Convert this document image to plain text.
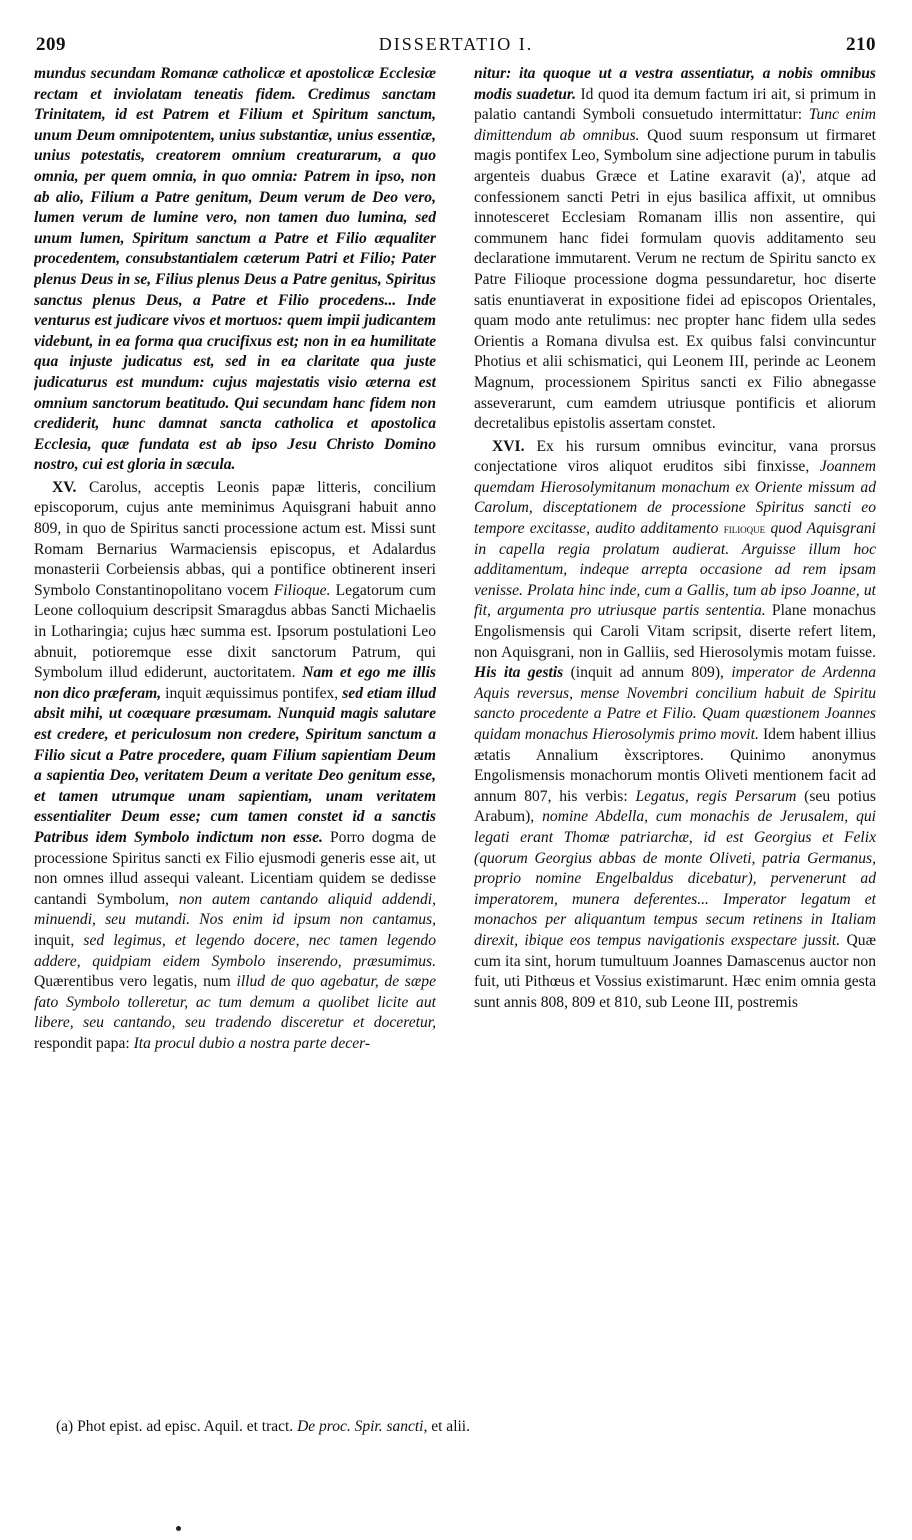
209	DISSERTATIO I.	210

mundus secundam Romanæ catholicæ et apostolicæ Ecclesiæ rectam et inviolatam teneatis fidem. Credimus sanctam Trinitatem, id est Patrem et Filium et Spiritum sanctum, unum Deum omnipotentem, unius substantiæ, unius essentiæ, unius potestatis, creatorem omnium creaturarum, a quo omnia, per quem omnia, in quo omnia: Patrem in ipso, non ab alio, Filium a Patre genitum, Deum verum de Deo vero, lumen verum de lumine vero, non tamen duo lumina, sed unum lumen, Spiritum sanctum a Patre et Filio æqualiter procedentem, consubstantialem cæterum Patri et Filio; Pater plenus Deus in se, Filius plenus Deus a Patre genitus, Spiritus sanctus plenus Deus, a Patre et Filio procedens... Inde venturus est judicare vivos et mortuos: quem impii judicantem videbunt, in ea forma qua crucifixus est; non in ea humilitate qua injuste judicatus est, sed in ea claritate qua juste judicaturus est mundum: cujus majestatis visio æterna est omnium sanctorum beatitudo. Qui secundam hanc fidem non crediderit, hunc damnat sancta catholica et apostolica Ecclesia, quæ fundata est ab ipso Jesu Christo Domino nostro, cui est gloria in sæcula.

XV. Carolus, acceptis Leonis papæ litteris, concilium episcoporum, cujus ante meminimus Aquisgrani habuit anno 809, in quo de Spiritus sancti processione actum est. Missi sunt Romam Bernarius Warmaciensis episcopus, et Adalardus monasterii Corbeiensis abbas, qui a pontifice obtinerent inseri Symbolo Constantinopolitano vocem Filioque. Legatorum cum Leone colloquium descripsit Smaragdus abbas Sancti Michaelis in Lotharingia; cujus hæc summa est. Ipsorum postulationi Leo abnuit, potioremque esse dixit sanctorum Patrum, qui Symbolum illud ediderunt, auctoritatem. Nam et ego me illis non dico præferam, inquit æquissimus pontifex, sed etiam illud absit mihi, ut coæquare præsumam. Nunquid magis salutare est credere, et periculosum non credere, Spiritum sanctum a Filio sicut a Patre procedere, quam Filium sapientiam Deum a sapientia Deo, veritatem Deum a veritate Deo genitum esse, et tamen utrumque unam sapientiam, unam veritatem essentialiter Deum esse; cum tamen constet id a sanctis Patribus idem Symbolo indictum non esse. Porro dogma de processione Spiritus sancti ex Filio ejusmodi generis esse ait, ut non omnes illud assequi valeant. Licentiam quidem se dedisse cantandi Symbolum, non autem cantando aliquid addendi, minuendi, seu mutandi. Nos enim id ipsum non cantamus, inquit, sed legimus, et legendo docere, nec tamen legendo addere, quidpiam eidem Symbolo inserendo, præsumimus. Quærentibus vero legatis, num illud de quo agebatur, de sæpe fato Symbolo tolleretur, ac tum demum a quolibet licite aut libere, seu cantando, seu tradendo disceretur et doceretur, respondit papa: Ita procul dubio a nostra parte decer-

nitur: ita quoque ut a vestra assentiatur, a nobis omnibus modis suadetur. Id quod ita demum factum iri ait, si primum in palatio cantandi Symboli consuetudo intermittatur: Tunc enim dimittendum ab omnibus. Quod suum responsum ut firmaret magis pontifex Leo, Symbolum sine adjectione purum in tabulis argenteis duabus Græce et Latine exaravit (a)', atque ad confessionem sancti Petri in ejus basilica affixit, ut omnibus innotesceret Ecclesiam Romanam illis non assentire, qui communem hanc fidei formulam quovis additamento seu declaratione immutarent. Verum ne rectum de Spiritu sancto ex Patre Filioque processione dogma pessundaretur, hoc diserte satis enuntiaverat in expositione fidei ad episcopos Orientales, quam modo ante retulimus: nec propter hanc fidem ulla sedes Orientis a Romana divulsa est. Ex quibus falsi convincuntur Photius et alii schismatici, qui Leonem III, perinde ac Leonem Magnum, processionem Spiritus sancti ex Filio abnegasse asseverarunt, cum eamdem utriusque pontificis et aliorum decretalibus epistolis assertam constet.

XVI. Ex his rursum omnibus evincitur, vana prorsus conjectatione viros aliquot eruditos sibi finxisse, Joannem quemdam Hierosolymitanum monachum ex Oriente missum ad Carolum, disceptationem de processione Spiritus sancti eo tempore excitasse, audito additamento filioque quod Aquisgrani in capella regia prolatum audierat. Arguisse illum hoc additamentum, indeque arrepta occasione ad rem ipsam venisse. Prolata hinc inde, cum a Gallis, tum ab ipso Joanne, ut fit, argumenta pro utriusque partis sententia. Plane monachus Engolismensis qui Caroli Vitam scripsit, diserte refert litem, non Aquisgrani, non in Galliis, sed Hierosolymis motam fuisse. His ita gestis (inquit ad annum 809), imperator de Ardenna Aquis reversus, mense Novembri concilium habuit de Spiritu sancto procedente a Patre et Filio. Quam quæstionem Joannes quidam monachus Hierosolymis primo movit. Idem habent illius ætatis Annalium èxscriptores. Quinimo anonymus Engolismensis monachorum montis Oliveti mentionem facit ad annum 807, his verbis: Legatus, regis Persarum (seu potius Arabum), nomine Abdella, cum monachis de Jerusalem, qui legati erant Thomæ patriarchæ, id est Georgius et Felix (quorum Georgius abbas de monte Oliveti, patria Germanus, proprio nomine Engelbaldus dicebatur), pervenerunt ad imperatorem, munera deferentes... Imperator legatum et monachos per aliquantum tempus secum retinens in Italiam direxit, ibique eos tempus navigationis exspectare jussit. Quæ cum ita sint, horum tumultuum Joannes Damascenus auctor non fuit, uti Pithœus et Vossius existimarunt. Hæc enim omnia gesta sunt annis 808, 809 et 810, sub Leone III, postremis

(a) Phot epist. ad episc. Aquil. et tract. De proc. Spir. sancti, et alii.
